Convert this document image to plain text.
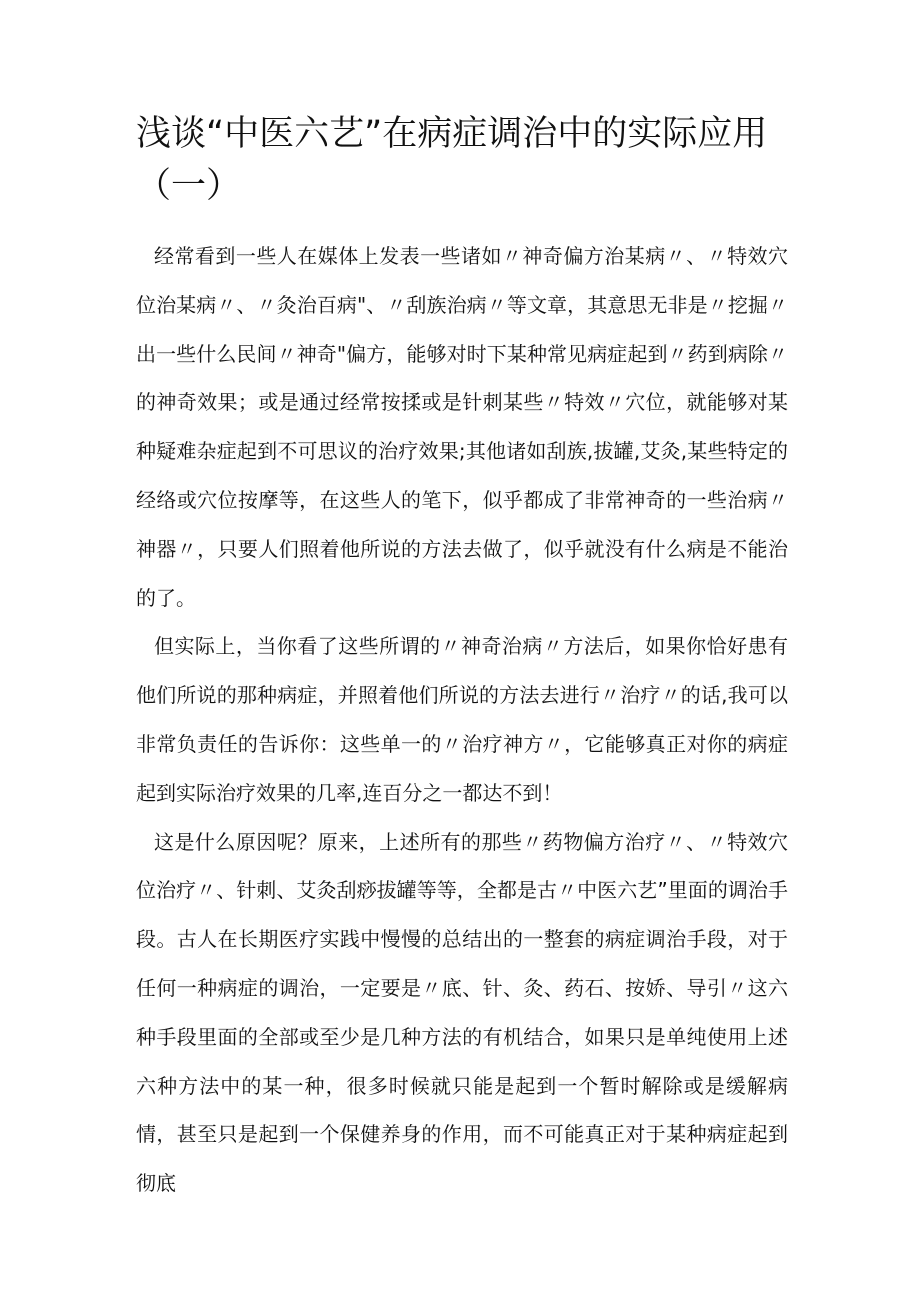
浅谈“中医六艺”在病症调治中的实际应用（一）

经常看到一些人在媒体上发表一些诸如〃神奇偏方治某病〃、〃特效穴位治某病〃、〃灸治百病"、〃刮族治病〃等文章，其意思无非是〃挖掘〃出一些什么民间〃神奇"偏方，能够对时下某种常见病症起到〃药到病除〃的神奇效果；或是通过经常按揉或是针刺某些〃特效〃穴位，就能够对某种疑难杂症起到不可思议的治疗效果;其他诸如刮族,拔罐,艾灸,某些特定的经络或穴位按摩等，在这些人的笔下，似乎都成了非常神奇的一些治病〃神器〃，只要人们照着他所说的方法去做了，似乎就没有什么病是不能治的了。

但实际上，当你看了这些所谓的〃神奇治病〃方法后，如果你恰好患有他们所说的那种病症，并照着他们所说的方法去进行〃治疗〃的话,我可以非常负责任的告诉你：这些单一的〃治疗神方〃，它能够真正对你的病症起到实际治疗效果的几率,连百分之一都达不到！

这是什么原因呢？原来，上述所有的那些〃药物偏方治疗〃、〃特效穴位治疗〃、针刺、艾灸刮痧拔罐等等，全都是古〃中医六艺”里面的调治手段。古人在长期医疗实践中慢慢的总结出的一整套的病症调治手段，对于任何一种病症的调治，一定要是〃底、针、灸、药石、按娇、导引〃这六种手段里面的全部或至少是几种方法的有机结合，如果只是单纯使用上述六种方法中的某一种，很多时候就只能是起到一个暂时解除或是缓解病情，甚至只是起到一个保健养身的作用，而不可能真正对于某种病症起到彻底
